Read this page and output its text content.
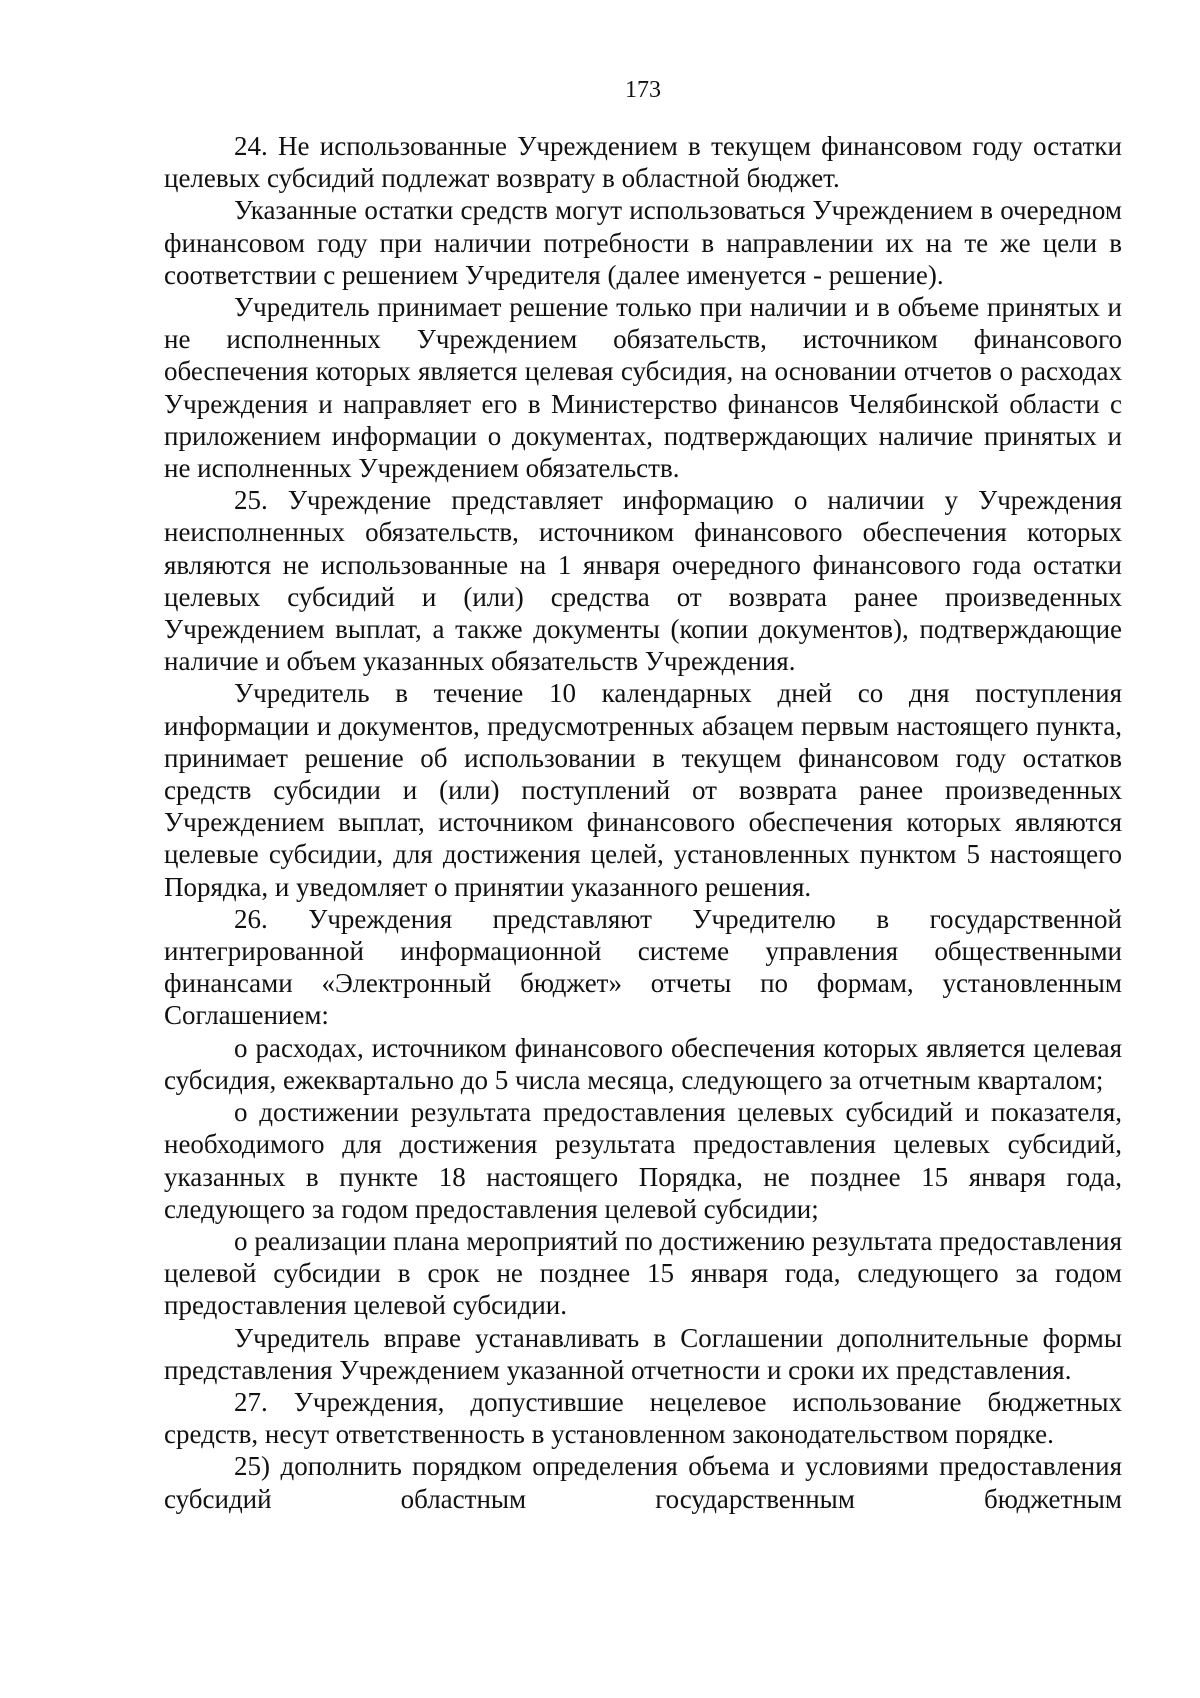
173

24. Не использованные Учреждением в текущем финансовом году остатки целевых субсидий подлежат возврату в областной бюджет.

Указанные остатки средств могут использоваться Учреждением в очередном финансовом году при наличии потребности в направлении их на те же цели в соответствии с решением Учредителя (далее именуется - решение).

Учредитель принимает решение только при наличии и в объеме принятых и не исполненных Учреждением обязательств, источником финансового обеспечения которых является целевая субсидия, на основании отчетов о расходах Учреждения и направляет его в Министерство финансов Челябинской области с приложением информации о документах, подтверждающих наличие принятых и не исполненных Учреждением обязательств.

25. Учреждение представляет информацию о наличии у Учреждения неисполненных обязательств, источником финансового обеспечения которых являются не использованные на 1 января очередного финансового года остатки целевых субсидий и (или) средства от возврата ранее произведенных Учреждением выплат, а также документы (копии документов), подтверждающие наличие и объем указанных обязательств Учреждения.

Учредитель в течение 10 календарных дней со дня поступления информации и документов, предусмотренных абзацем первым настоящего пункта, принимает решение об использовании в текущем финансовом году остатков средств субсидии и (или) поступлений от возврата ранее произведенных Учреждением выплат, источником финансового обеспечения которых являются целевые субсидии, для достижения целей, установленных пунктом 5 настоящего Порядка, и уведомляет о принятии указанного решения.

26. Учреждения представляют Учредителю в государственной интегрированной информационной системе управления общественными финансами «Электронный бюджет» отчеты по формам, установленным Соглашением:

о расходах, источником финансового обеспечения которых является целевая субсидия, ежеквартально до 5 числа месяца, следующего за отчетным кварталом;

о достижении результата предоставления целевых субсидий и показателя, необходимого для достижения результата предоставления целевых субсидий, указанных в пункте 18 настоящего Порядка, не позднее 15 января года, следующего за годом предоставления целевой субсидии;

о реализации плана мероприятий по достижению результата предоставления целевой субсидии в срок не позднее 15 января года, следующего за годом предоставления целевой субсидии.

Учредитель вправе устанавливать в Соглашении дополнительные формы представления Учреждением указанной отчетности и сроки их представления.

27. Учреждения, допустившие нецелевое использование бюджетных средств, несут ответственность в установленном законодательством порядке.

25) дополнить порядком определения объема и условиями предоставления субсидий областным государственным бюджетным
